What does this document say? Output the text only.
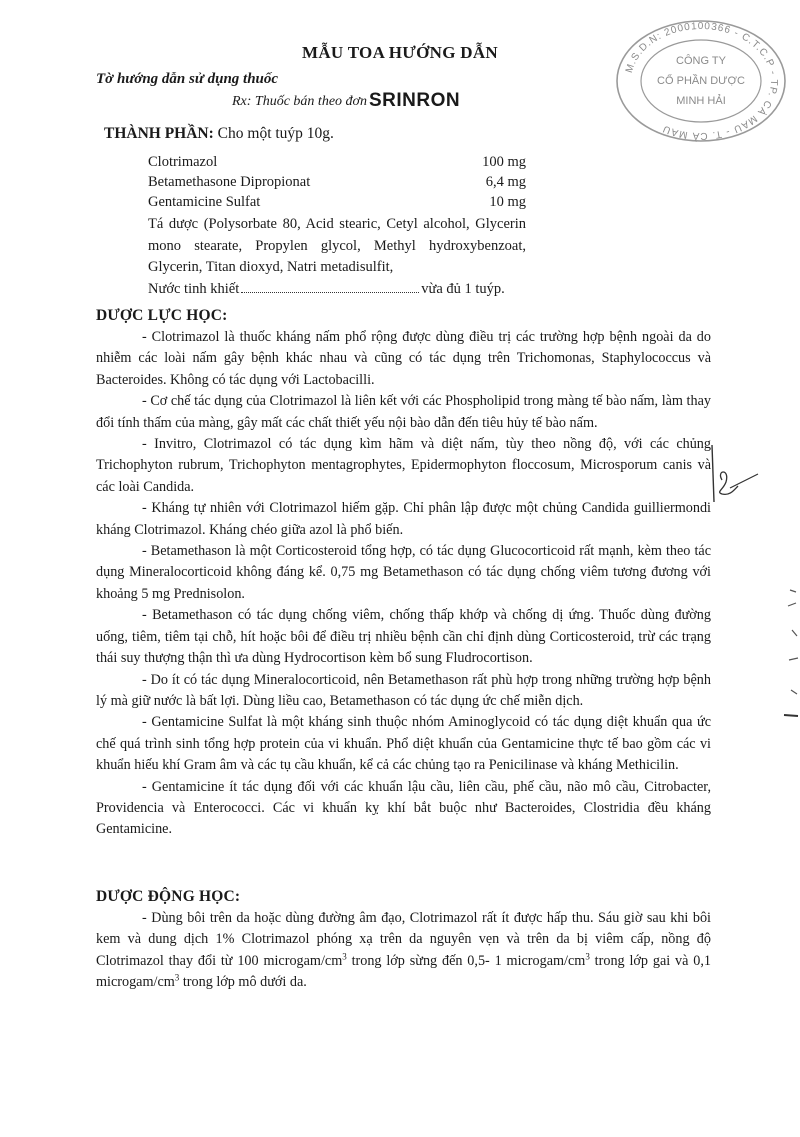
MẪU TOA HƯỚNG DẪN
Tờ hướng dẫn sử dụng thuốc
Rx: Thuốc bán theo đơn SRINRON
M.S.D.N: 2000100366 - C.T.C.P - TP. CÀ MAU - T. CÀ MAU
CÔNG TY
CỔ PHẦN DƯỢC
MINH HẢI
THÀNH PHẦN: Cho một tuýp 10g.
Clotrimazol	100 mg
Betamethasone Dipropionat	6,4 mg
Gentamicine Sulfat	10 mg
Tá dược (Polysorbate 80, Acid stearic, Cetyl alcohol, Glycerin mono stearate, Propylen glycol, Methyl hydroxybenzoat, Glycerin, Titan dioxyd, Natri metadisulfit,
Nước tinh khiết	vừa đủ 1 tuýp.
DƯỢC LỰC HỌC:

- Clotrimazol là thuốc kháng nấm phổ rộng được dùng điều trị các trường hợp bệnh ngoài da do nhiễm các loài nấm gây bệnh khác nhau và cũng có tác dụng trên Trichomonas, Staphylococcus và Bacteroides. Không có tác dụng với Lactobacilli.

- Cơ chế tác dụng của Clotrimazol là liên kết với các Phospholipid trong màng tế bào nấm, làm thay đổi tính thấm của màng, gây mất các chất thiết yếu nội bào dẫn đến tiêu hủy tế bào nấm.

- Invitro, Clotrimazol có tác dụng kìm hãm và diệt nấm, tùy theo nồng độ, với các chủng Trichophyton rubrum, Trichophyton mentagrophytes, Epidermophyton floccosum, Microsporum canis và các loài Candida.

- Kháng tự nhiên với Clotrimazol hiếm gặp. Chỉ phân lập được một chủng Candida guilliermondi kháng Clotrimazol. Kháng chéo giữa azol là phổ biến.

- Betamethason là một Corticosteroid tổng hợp, có tác dụng Glucocorticoid rất mạnh, kèm theo tác dụng Mineralocorticoid không đáng kể. 0,75 mg Betamethason có tác dụng chống viêm tương đương với khoảng 5 mg Prednisolon.

- Betamethason có tác dụng chống viêm, chống thấp khớp và chống dị ứng. Thuốc dùng đường uống, tiêm, tiêm tại chỗ, hít hoặc bôi để điều trị nhiều bệnh cần chỉ định dùng Corticosteroid, trừ các trạng thái suy thượng thận thì ưa dùng Hydrocortison kèm bổ sung Fludrocortison.

- Do ít có tác dụng Mineralocorticoid, nên Betamethason rất phù hợp trong những trường hợp bệnh lý mà giữ nước là bất lợi. Dùng liều cao, Betamethason có tác dụng ức chế miễn dịch.

- Gentamicine Sulfat là một kháng sinh thuộc nhóm Aminoglycoid có tác dụng diệt khuẩn qua ức chế quá trình sinh tổng hợp protein của vi khuẩn. Phổ diệt khuẩn của Gentamicine thực tế bao gồm các vi khuẩn hiếu khí Gram âm và các tụ cầu khuẩn, kể cả các chủng tạo ra Penicilinase và kháng Methicilin.

- Gentamicine ít tác dụng đối với các khuẩn lậu cầu, liên cầu, phế cầu, não mô cầu, Citrobacter, Providencia và Enterococci. Các vi khuẩn kỵ khí bắt buộc như Bacteroides, Clostridia đều kháng Gentamicine.

DƯỢC ĐỘNG HỌC:

- Dùng bôi trên da hoặc dùng đường âm đạo, Clotrimazol rất ít được hấp thu. Sáu giờ sau khi bôi kem và dung dịch 1% Clotrimazol phóng xạ trên da nguyên vẹn và trên da bị viêm cấp, nồng độ Clotrimazol thay đổi từ 100 microgam/$cm^3$ trong lớp sừng đến 0,5- 1 microgam/$cm^3$ trong lớp gai và 0,1 microgam/$cm^3$ trong lớp mô dưới da.
